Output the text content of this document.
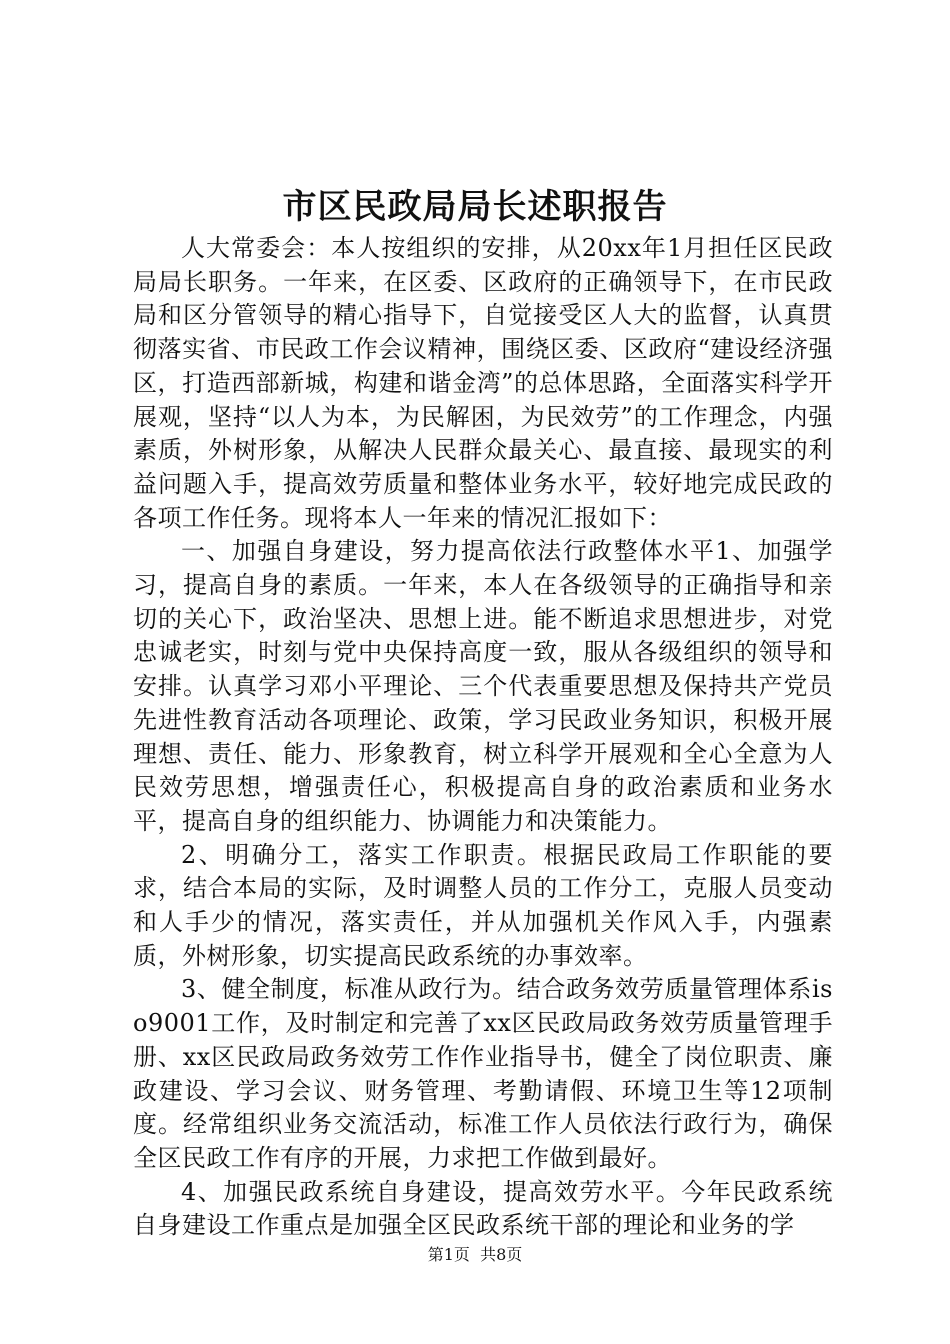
市区民政局局长述职报告

人大常委会：本人按组织的安排，从20xx年1月担任区民政局局长职务。一年来，在区委、区政府的正确领导下，在市民政局和区分管领导的精心指导下，自觉接受区人大的监督，认真贯彻落实省、市民政工作会议精神，围绕区委、区政府“建设经济强区，打造西部新城，构建和谐金湾”的总体思路，全面落实科学开展观，坚持“以人为本，为民解困，为民效劳”的工作理念，内强素质，外树形象，从解决人民群众最关心、最直接、最现实的利益问题入手，提高效劳质量和整体业务水平，较好地完成民政的各项工作任务。现将本人一年来的情况汇报如下：

一、加强自身建设，努力提高依法行政整体水平1、加强学习，提高自身的素质。一年来，本人在各级领导的正确指导和亲切的关心下，政治坚决、思想上进。能不断追求思想进步，对党忠诚老实，时刻与党中央保持高度一致，服从各级组织的领导和安排。认真学习邓小平理论、三个代表重要思想及保持共产党员先进性教育活动各项理论、政策，学习民政业务知识，积极开展理想、责任、能力、形象教育，树立科学开展观和全心全意为人民效劳思想，增强责任心，积极提高自身的政治素质和业务水平，提高自身的组织能力、协调能力和决策能力。

2、明确分工，落实工作职责。根据民政局工作职能的要求，结合本局的实际，及时调整人员的工作分工，克服人员变动和人手少的情况，落实责任，并从加强机关作风入手，内强素质，外树形象，切实提高民政系统的办事效率。

3、健全制度，标准从政行为。结合政务效劳质量管理体系iso9001工作，及时制定和完善了xx区民政局政务效劳质量管理手册、xx区民政局政务效劳工作作业指导书，健全了岗位职责、廉政建设、学习会议、财务管理、考勤请假、环境卫生等12项制度。经常组织业务交流活动，标准工作人员依法行政行为，确保全区民政工作有序的开展，力求把工作做到最好。

4、加强民政系统自身建设，提高效劳水平。今年民政系统自身建设工作重点是加强全区民政系统干部的理论和业务的学

第1页  共8页
